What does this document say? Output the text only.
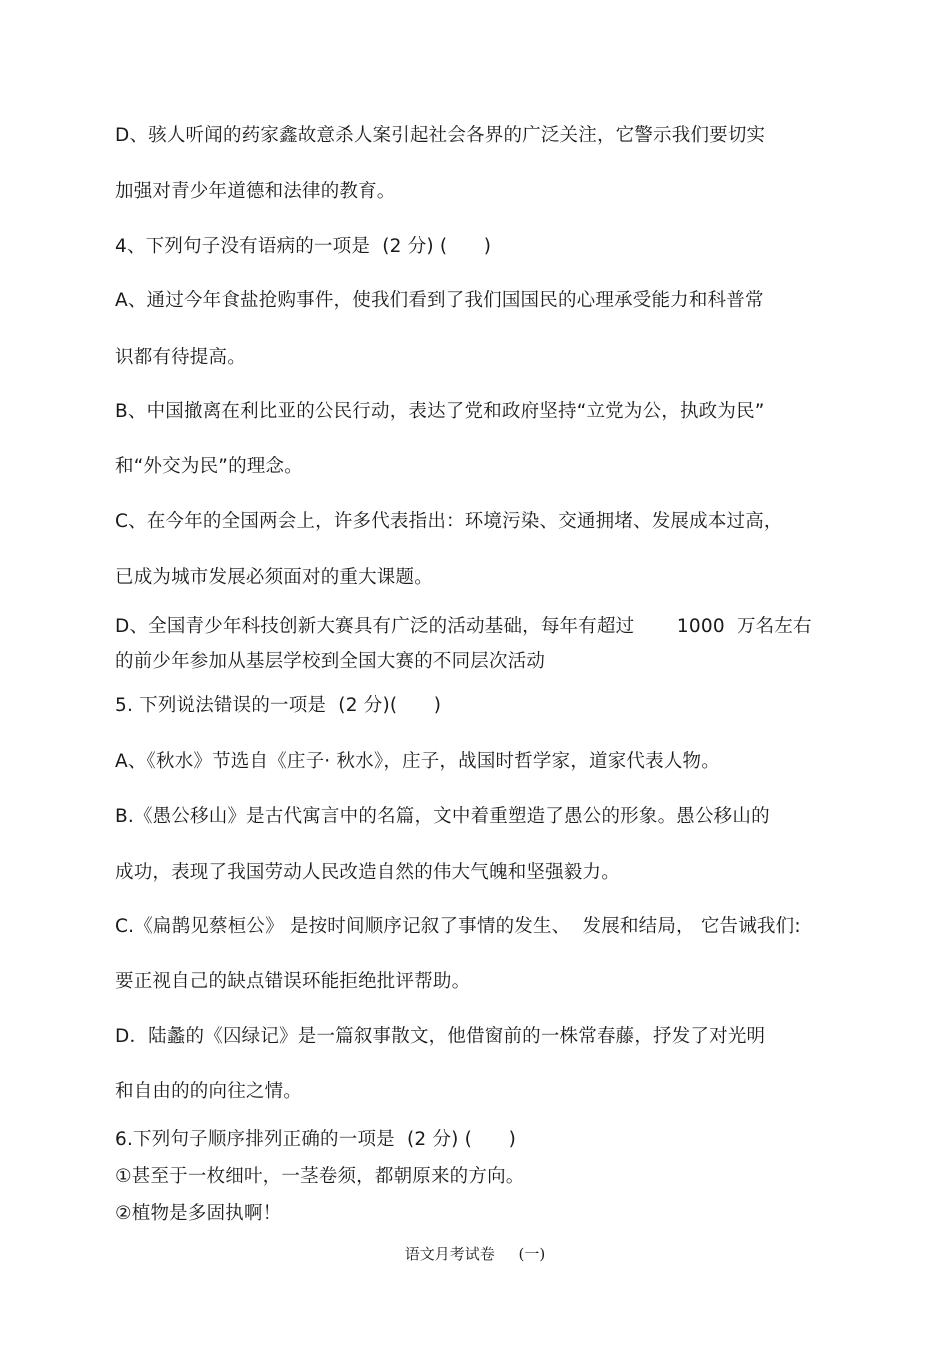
D、骇人听闻的药家鑫故意杀人案引起社会各界的广泛关注，它警示我们要切实
加强对青少年道德和法律的教育。
4、下列句子没有语病的一项是  (2 分) (      )
A、通过今年食盐抢购事件，使我们看到了我们国国民的心理承受能力和科普常
识都有待提高。
B、中国撤离在利比亚的公民行动，表达了党和政府坚持“立党为公，执政为民”
和“外交为民”的理念。
C、在今年的全国两会上，许多代表指出：环境污染、交通拥堵、发展成本过高，
已成为城市发展必须面对的重大课题。
D、全国青少年科技创新大赛具有广泛的活动基础，每年有超过       1000  万名左右
的前少年参加从基层学校到全国大赛的不同层次活动
5. 下列说法错误的一项是  (2 分)(      )
A、《秋水》节选自《庄子· 秋水》，庄子，战国时哲学家，道家代表人物。
B.《愚公移山》是古代寓言中的名篇，文中着重塑造了愚公的形象。愚公移山的
成功，表现了我国劳动人民改造自然的伟大气魄和坚强毅力。
C.《扁鹊见蔡桓公》 是按时间顺序记叙了事情的发生、  发展和结局， 它告诫我们:
要正视自己的缺点错误环能拒绝批评帮助。
D．陆蠡的《囚绿记》是一篇叙事散文，他借窗前的一株常春藤，抒发了对光明
和自由的的向往之情。
6.下列句子顺序排列正确的一项是  (2 分) (      )
①甚至于一枚细叶，一茎卷须，都朝原来的方向。
②植物是多固执啊！
语文月考试卷     (一)
